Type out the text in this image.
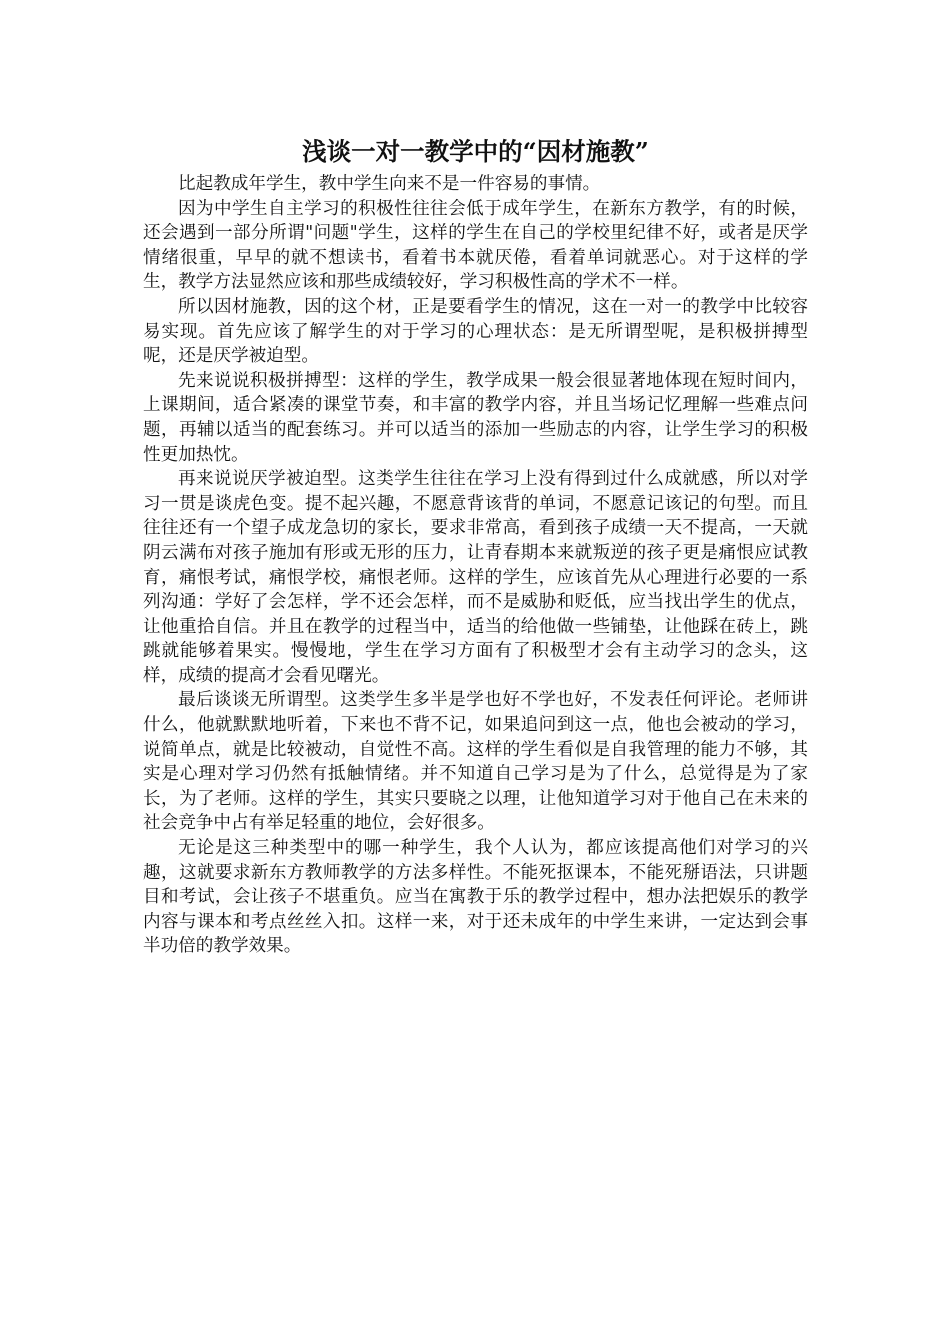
浅谈一对一教学中的“因材施教”

比起教成年学生，教中学生向来不是一件容易的事情。

因为中学生自主学习的积极性往往会低于成年学生，在新东方教学，有的时候，还会遇到一部分所谓"问题"学生，这样的学生在自己的学校里纪律不好，或者是厌学情绪很重，早早的就不想读书，看着书本就厌倦，看着单词就恶心。对于这样的学生，教学方法显然应该和那些成绩较好，学习积极性高的学术不一样。

所以因材施教，因的这个材，正是要看学生的情况，这在一对一的教学中比较容易实现。首先应该了解学生的对于学习的心理状态：是无所谓型呢，是积极拼搏型呢，还是厌学被迫型。

先来说说积极拼搏型：这样的学生，教学成果一般会很显著地体现在短时间内，上课期间，适合紧凑的课堂节奏，和丰富的教学内容，并且当场记忆理解一些难点问题，再辅以适当的配套练习。并可以适当的添加一些励志的内容，让学生学习的积极性更加热忱。

再来说说厌学被迫型。这类学生往往在学习上没有得到过什么成就感，所以对学习一贯是谈虎色变。提不起兴趣，不愿意背该背的单词，不愿意记该记的句型。而且往往还有一个望子成龙急切的家长，要求非常高，看到孩子成绩一天不提高，一天就阴云满布对孩子施加有形或无形的压力，让青春期本来就叛逆的孩子更是痛恨应试教育，痛恨考试，痛恨学校，痛恨老师。这样的学生，应该首先从心理进行必要的一系列沟通：学好了会怎样，学不还会怎样，而不是威胁和贬低，应当找出学生的优点，让他重拾自信。并且在教学的过程当中，适当的给他做一些铺垫，让他踩在砖上，跳跳就能够着果实。慢慢地，学生在学习方面有了积极型才会有主动学习的念头，这样，成绩的提高才会看见曙光。

最后谈谈无所谓型。这类学生多半是学也好不学也好，不发表任何评论。老师讲什么，他就默默地听着，下来也不背不记，如果追问到这一点，他也会被动的学习，说简单点，就是比较被动，自觉性不高。这样的学生看似是自我管理的能力不够，其实是心理对学习仍然有抵触情绪。并不知道自己学习是为了什么，总觉得是为了家长，为了老师。这样的学生，其实只要晓之以理，让他知道学习对于他自己在未来的社会竞争中占有举足轻重的地位，会好很多。

无论是这三种类型中的哪一种学生，我个人认为，都应该提高他们对学习的兴趣，这就要求新东方教师教学的方法多样性。不能死抠课本，不能死掰语法，只讲题目和考试，会让孩子不堪重负。应当在寓教于乐的教学过程中，想办法把娱乐的教学内容与课本和考点丝丝入扣。这样一来，对于还未成年的中学生来讲，一定达到会事半功倍的教学效果。
